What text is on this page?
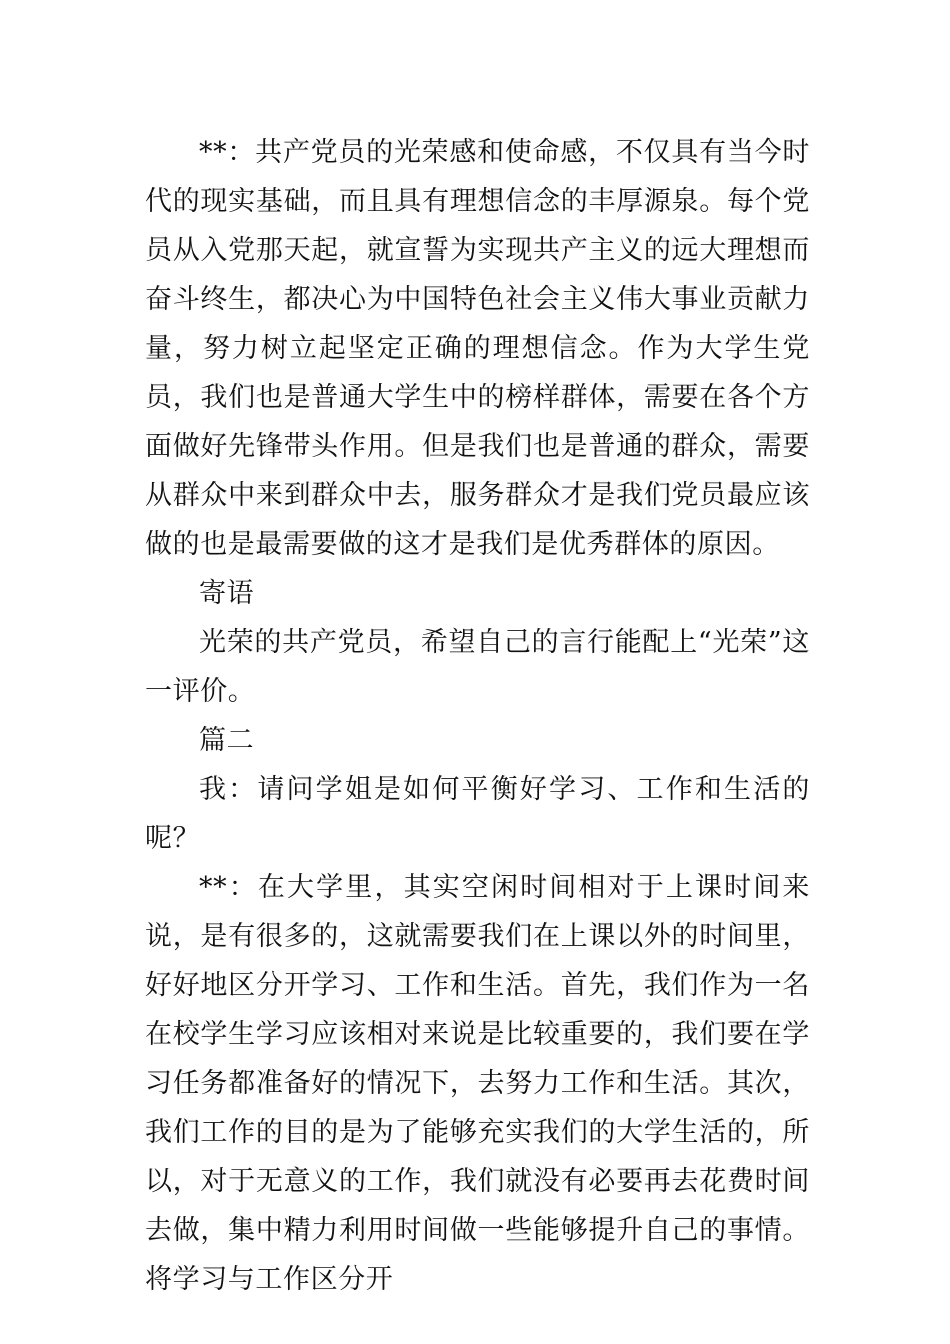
**：共产党员的光荣感和使命感，不仅具有当今时代的现实基础，而且具有理想信念的丰厚源泉。每个党员从入党那天起，就宣誓为实现共产主义的远大理想而奋斗终生，都决心为中国特色社会主义伟大事业贡献力量，努力树立起坚定正确的理想信念。作为大学生党员，我们也是普通大学生中的榜样群体，需要在各个方面做好先锋带头作用。但是我们也是普通的群众，需要从群众中来到群众中去，服务群众才是我们党员最应该做的也是最需要做的这才是我们是优秀群体的原因。

寄语

光荣的共产党员，希望自己的言行能配上“光荣”这一评价。

篇二

我：请问学姐是如何平衡好学习、工作和生活的呢？

**：在大学里，其实空闲时间相对于上课时间来说，是有很多的，这就需要我们在上课以外的时间里，好好地区分开学习、工作和生活。首先，我们作为一名在校学生学习应该相对来说是比较重要的，我们要在学习任务都准备好的情况下，去努力工作和生活。其次，我们工作的目的是为了能够充实我们的大学生活的，所以，对于无意义的工作，我们就没有必要再去花费时间去做，集中精力利用时间做一些能够提升自己的事情。将学习与工作区分开
